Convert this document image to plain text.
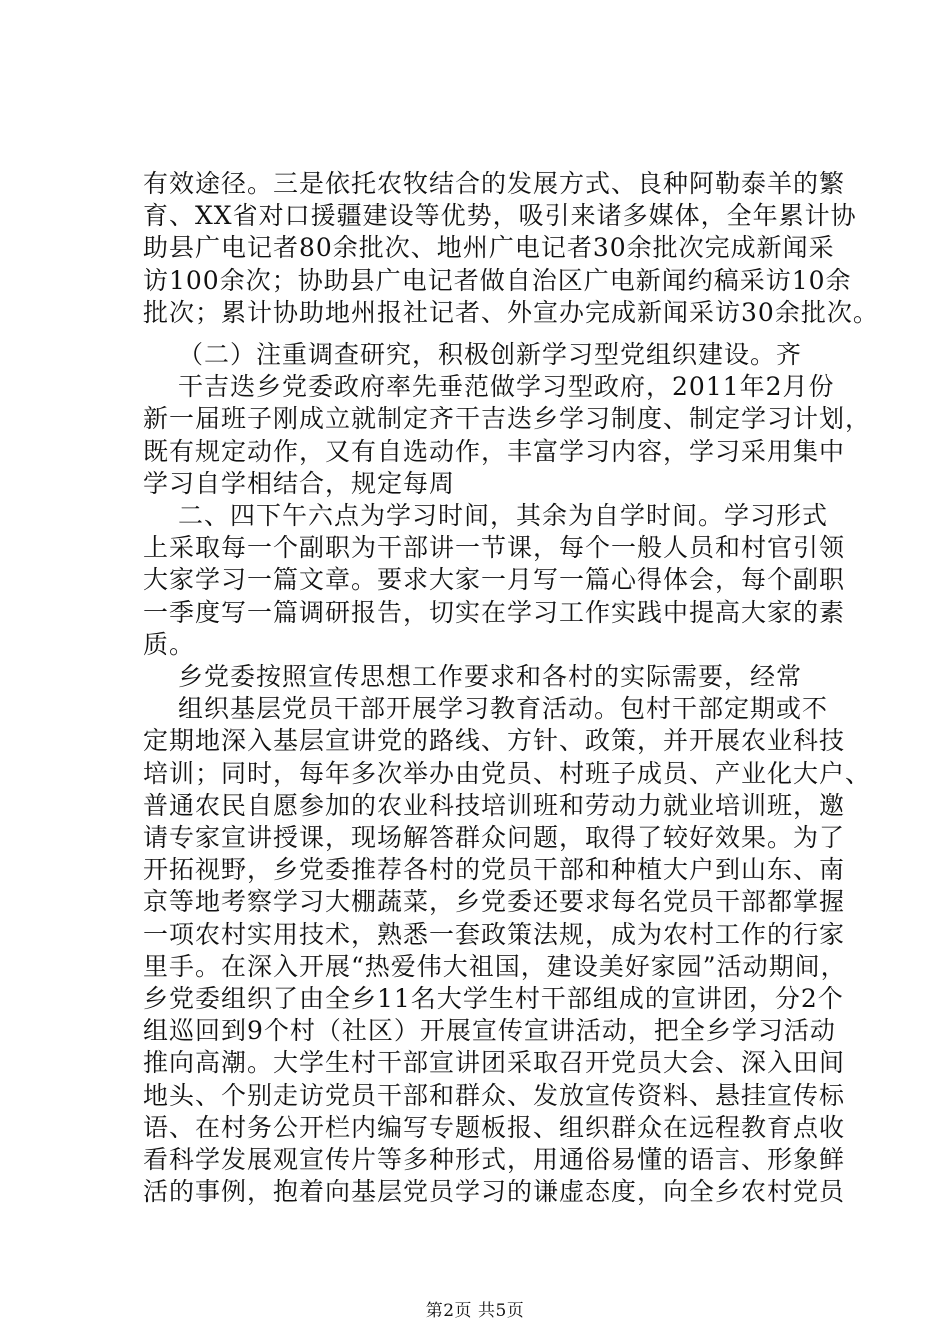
有效途径。三是依托农牧结合的发展方式、良种阿勒泰羊的繁
育、XX省对口援疆建设等优势，吸引来诸多媒体，全年累计协
助县广电记者80余批次、地州广电记者30余批次完成新闻采
访100余次；协助县广电记者做自治区广电新闻约稿采访10余
批次；累计协助地州报社记者、外宣办完成新闻采访30余批次。
（二）注重调查研究，积极创新学习型党组织建设。齐
干吉迭乡党委政府率先垂范做学习型政府，2011年2月份
新一届班子刚成立就制定齐干吉迭乡学习制度、制定学习计划，
既有规定动作，又有自选动作，丰富学习内容，学习采用集中
学习自学相结合，规定每周
二、四下午六点为学习时间，其余为自学时间。学习形式
上采取每一个副职为干部讲一节课，每个一般人员和村官引领
大家学习一篇文章。要求大家一月写一篇心得体会，每个副职
一季度写一篇调研报告，切实在学习工作实践中提高大家的素
质。
乡党委按照宣传思想工作要求和各村的实际需要，经常
组织基层党员干部开展学习教育活动。包村干部定期或不
定期地深入基层宣讲党的路线、方针、政策，并开展农业科技
培训；同时，每年多次举办由党员、村班子成员、产业化大户、
普通农民自愿参加的农业科技培训班和劳动力就业培训班，邀
请专家宣讲授课，现场解答群众问题，取得了较好效果。为了
开拓视野，乡党委推荐各村的党员干部和种植大户到山东、南
京等地考察学习大棚蔬菜，乡党委还要求每名党员干部都掌握
一项农村实用技术，熟悉一套政策法规，成为农村工作的行家
里手。在深入开展“热爱伟大祖国，建设美好家园”活动期间，
乡党委组织了由全乡11名大学生村干部组成的宣讲团，分2个
组巡回到9个村（社区）开展宣传宣讲活动，把全乡学习活动
推向高潮。大学生村干部宣讲团采取召开党员大会、深入田间
地头、个别走访党员干部和群众、发放宣传资料、悬挂宣传标
语、在村务公开栏内编写专题板报、组织群众在远程教育点收
看科学发展观宣传片等多种形式，用通俗易懂的语言、形象鲜
活的事例，抱着向基层党员学习的谦虚态度，向全乡农村党员
第2页 共5页
